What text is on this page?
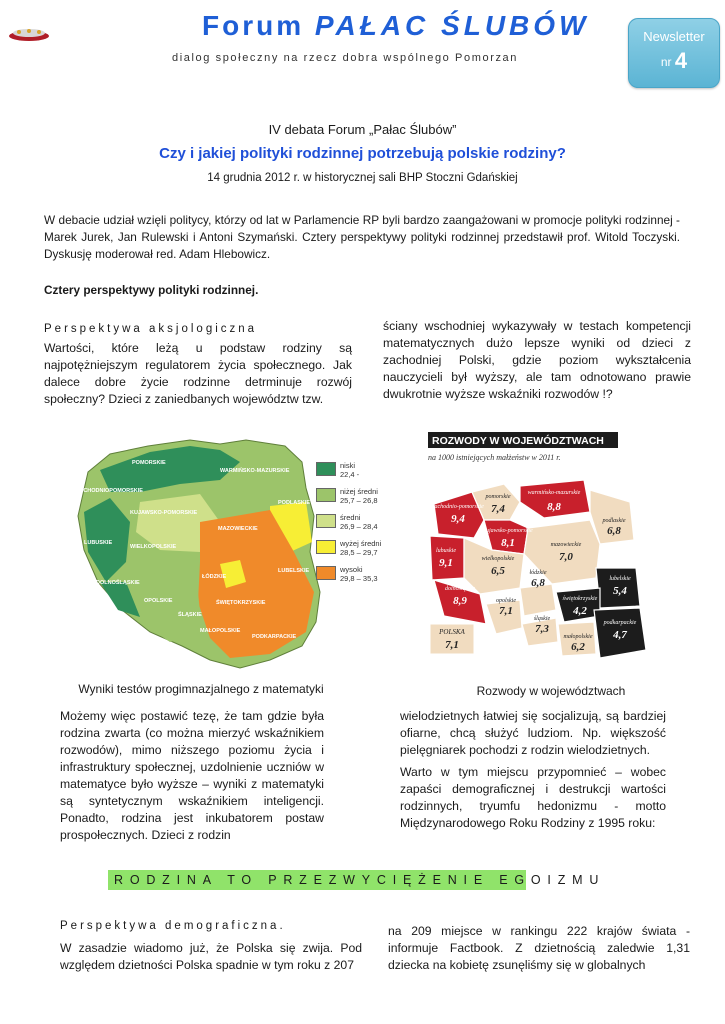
Forum PAŁAC ŚLUBÓW
dialog społeczny na rzecz dobra wspólnego Pomorzan
Newsletter
nr 4
IV debata Forum „Pałac Ślubów”
Czy i jakiej polityki rodzinnej potrzebują polskie rodziny?
14 grudnia 2012 r. w historycznej sali BHP Stoczni Gdańskiej
W debacie udział wzięli politycy, którzy od lat w Parlamencie RP byli bardzo zaangażowani w promocje polityki rodzinnej - Marek Jurek, Jan Rulewski i Antoni Szymański. Cztery perspektywy polityki rodzinnej przedstawił prof. Witold Toczyski. Dyskusję moderował red. Adam Hlebowicz.
Cztery perspektywy polityki rodzinnej.
Perspektywa aksjologiczna
Wartości, które leżą u podstaw rodziny są najpotężniejszym regulatorem życia społecznego. Jak dalece dobre życie rodzinne detrminuje rozwój społeczny? Dzieci z zaniedbanych województw tzw.
ściany wschodniej wykazywały w testach kompetencji matematycznych dużo lepsze wyniki od dzieci z zachodniej Polski, gdzie poziom wykształcenia nauczycieli był wyższy, ale tam odnotowano prawie dwukrotnie wyższe wskaźniki rozwodów !?
POMORSKIE
WARMIŃSKO-MAZURSKIE
ZACHODNIOPOMORSKIE
KUJAWSKO-POMORSKIE
PODLASKIE
MAZOWIECKIE
LUBUSKIE
WIELKOPOLSKIE
DOLNOŚLĄSKIE
ŁÓDZKIE
LUBELSKIE
OPOLSKIE
ŚLĄSKIE
ŚWIĘTOKRZYSKIE
MAŁOPOLSKIE
PODKARPACKIE
niski
22,4 -
niżej średni
25,7 – 26,8
średni
26,9 – 28,4
wyżej średni
28,5 – 29,7
wysoki
29,8 – 35,3
Wyniki testów progimnazjalnego z matematyki
ROZWODY W WOJEWÓDZTWACH
na 1000 istniejących małżeństw w 2011 r.
POLSKA
7,1
zachodnio-pomorskie
9,4
pomorskie
7,4
warmińsko-mazurskie
8,8
podlaskie
6,8
kujawsko-pomorskie
8,1
lubuskie
9,1	wielkopolskie
6,5
mazowieckie
7,0
łódzkie
6,8
dolnośląskie
8,9	opolskie
7,1
lubelskie
5,4
świętokrzyskie
4,2
śląskie
7,3
małopolskie
6,2
podkarpackie
4,7
Rozwody w województwach
Możemy więc postawić tezę, że tam gdzie była rodzina zwarta (co można mierzyć wskaźnikiem rozwodów), mimo niższego poziomu życia i infrastruktury społecznej, uzdolnienie uczniów w matematyce było wyższe – wyniki z matematyki są syntetycznym wskaźnikiem inteligencji. Ponadto, rodzina jest inkubatorem postaw prospołecznych. Dzieci z rodzin

wielodzietnych łatwiej się socjalizują, są bardziej ofiarne, chcą służyć ludziom. Np. większość pielęgniarek pochodzi z rodzin wielodzietnych.

Warto w tym miejscu przypomnieć – wobec zapaści demograficznej i destrukcji wartości rodzinnych, tryumfu hedonizmu - motto Międzynarodowego Roku Rodziny z 1995 roku:

RODZINA TO PRZEZWYCIĘŻENIE EGOIZMU
Perspektywa demograficzna.
W zasadzie wiadomo już, że Polska się zwija. Pod względem dzietności Polska spadnie w tym roku z 207
na 209 miejsce w rankingu 222 krajów świata - informuje Factbook. Z dzietnością zaledwie 1,31 dziecka na kobietę zsunęliśmy się w globalnych
